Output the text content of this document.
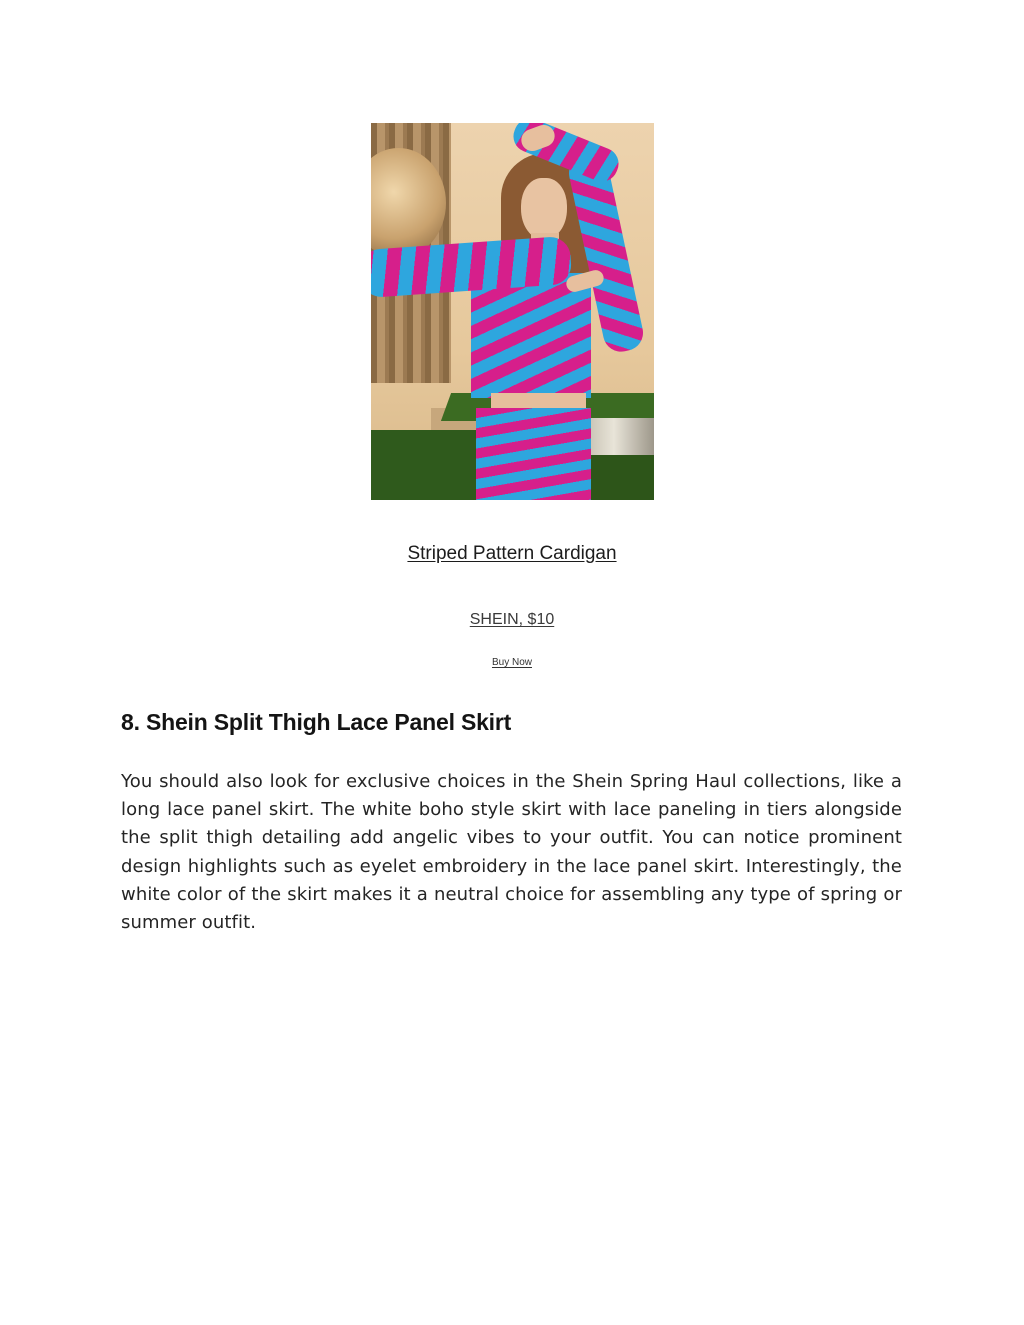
Striped Pattern Cardigan
SHEIN, $10
Buy Now
8. Shein Split Thigh Lace Panel Skirt

You should also look for exclusive choices in the Shein Spring Haul collections, like a long lace panel skirt. The white boho style skirt with lace paneling in tiers alongside the split thigh detailing add angelic vibes to your outfit. You can notice prominent design highlights such as eyelet embroidery in the lace panel skirt. Interestingly, the white color of the skirt makes it a neutral choice for assembling any type of spring or summer outfit.
